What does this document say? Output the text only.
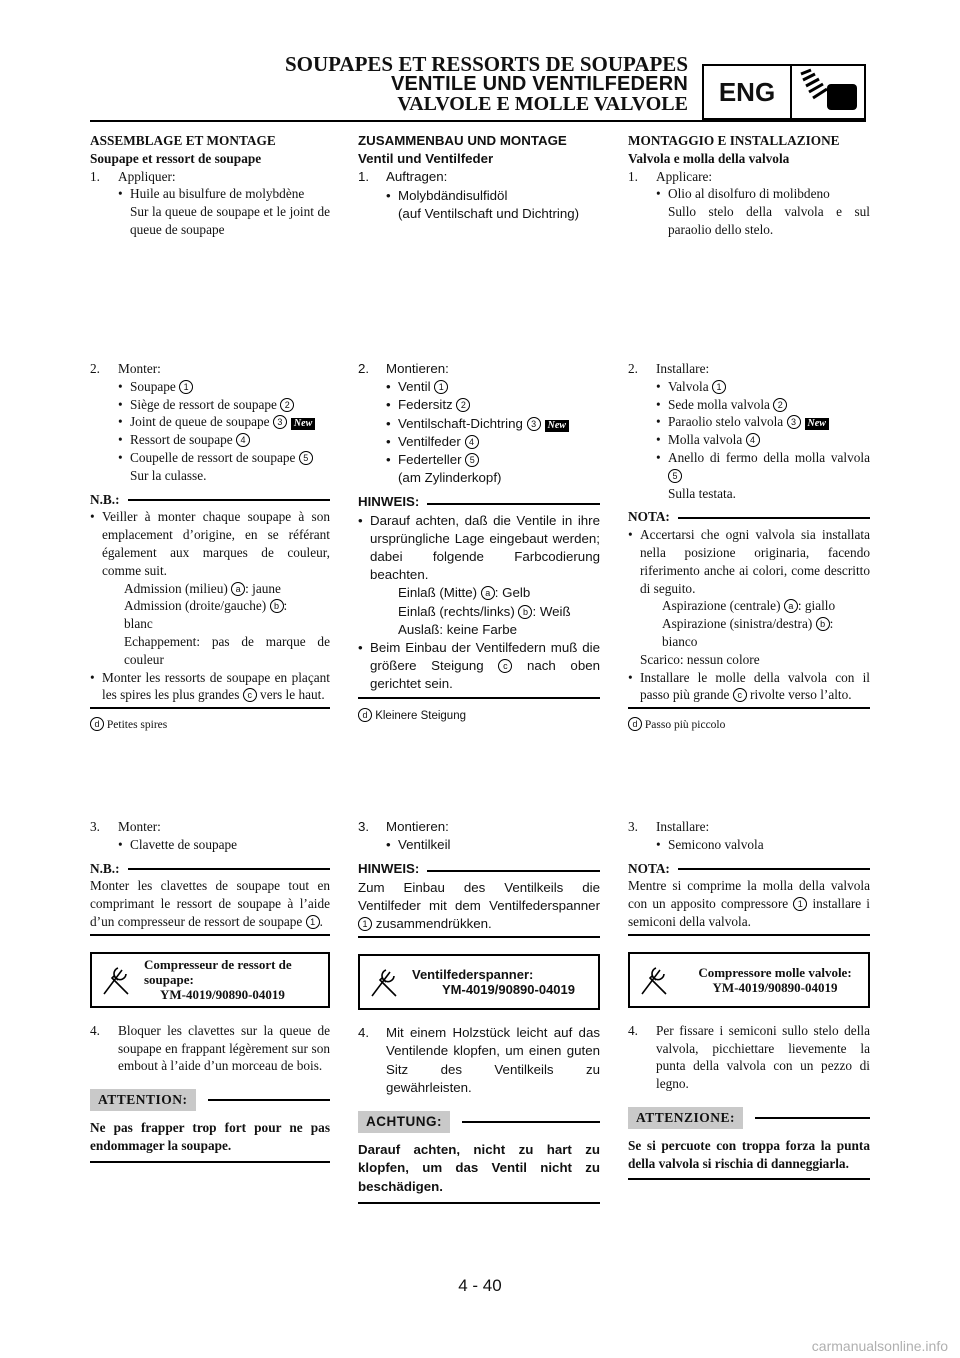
SOUPAPES ET RESSORTS DE SOUPAPES
VENTILE UND VENTILFEDERN
VALVOLE E MOLLE VALVOLE	ENG

ASSEMBLAGE ET MONTAGE

Soupape et ressort de soupape

1.	Appliquer:
• Huile au bisulfure de molybdène

Sur la queue de soupape et le joint de queue de soupape

2.	Monter:
• Soupape 1
• Siège de ressort de soupape 2
• Joint de queue de soupape 3 New
• Ressort de soupape 4
• Coupelle de ressort de soupape 5

Sur la culasse.

N.B.:
• Veiller à monter chaque soupape à son emplacement d’origine, en se référant également aux marques de couleur, comme suit.

Admission (milieu) a : jaune

Admission (droite/gauche) b :

blanc

Echappement: pas de marque de couleur

• Monter les ressorts de soupape en plaçant les spires les plus grandes c vers le haut.

d Petites spires

3.	Monter:
• Clavette de soupape
N.B.:

Monter les clavettes de soupape tout en comprimant le ressort de soupape à l’aide d’un compresseur de ressort de soupape 1 .

Compresseur de ressort de soupape:
YM-4019/90890-04019
4.	Bloquer les clavettes sur la queue de soupape en frappant légèrement sur son embout à l’aide d’un morceau de bois.
ATTENTION:

Ne pas frapper trop fort pour ne pas endommager la soupape.

ZUSAMMENBAU UND MONTAGE

Ventil und Ventilfeder

1.	Auftragen:
• Molybdändisulfidöl

(auf Ventilschaft und Dichtring)

2.	Montieren:
• Ventil 1
• Federsitz 2
• Ventilschaft-Dichtring 3 New
• Ventilfeder 4
• Federteller 5

(am Zylinderkopf)

HINWEIS:
• Darauf achten, daß die Ventile in ihre ursprüngliche Lage eingebaut werden; dabei folgende Farbcodierung beachten.

Einlaß (Mitte) a : Gelb

Einlaß (rechts/links) b : Weiß

Auslaß: keine Farbe

• Beim Einbau der Ventilfedern muß die größere Steigung c nach oben gerichtet sein.

d Kleinere Steigung

3.	Montieren:
• Ventilkeil
HINWEIS:

Zum Einbau des Ventilkeils die Ventilfeder mit dem Ventilfederspanner 1 zusammendrükken.

Ventilfederspanner:
YM-4019/90890-04019
4.	Mit einem Holzstück leicht auf das Ventilende klopfen, um einen guten Sitz des Ventilkeils zu gewährleisten.
ACHTUNG:

Darauf achten, nicht zu hart zu klopfen, um das Ventil nicht zu beschädigen.

MONTAGGIO E INSTALLAZIONE

Valvola e molla della valvola

1.	Applicare:
• Olio al disolfuro di molibdeno

Sullo stelo della valvola e sul paraolio dello stelo.

2.	Installare:
• Valvola 1
• Sede molla valvola 2
• Paraolio stelo valvola 3 New
• Molla valvola 4
• Anello di fermo della molla valvola 5

Sulla testata.

NOTA:
• Accertarsi che ogni valvola sia installata nella posizione originaria, facendo riferimento anche ai colori, come descritto di seguito.

Aspirazione (centrale) a : giallo

Aspirazione (sinistra/destra) b :

bianco

Scarico: nessun colore

• Installare le molle della valvola con il passo più grande c rivolte verso l’alto.

d Passo più piccolo

3.	Installare:
• Semicono valvola
NOTA:

Mentre si comprime la molla della valvola con un apposito compressore 1 installare i semiconi della valvola.

Compressore molle valvole:
YM-4019/90890-04019
4.	Per fissare i semiconi sullo stelo della valvola, picchiettare lievemente la punta della valvola con un pezzo di legno.
ATTENZIONE:

Se si percuote con troppa forza la punta della valvola si rischia di danneggiarla.

4 - 40
carmanualsonline.info
